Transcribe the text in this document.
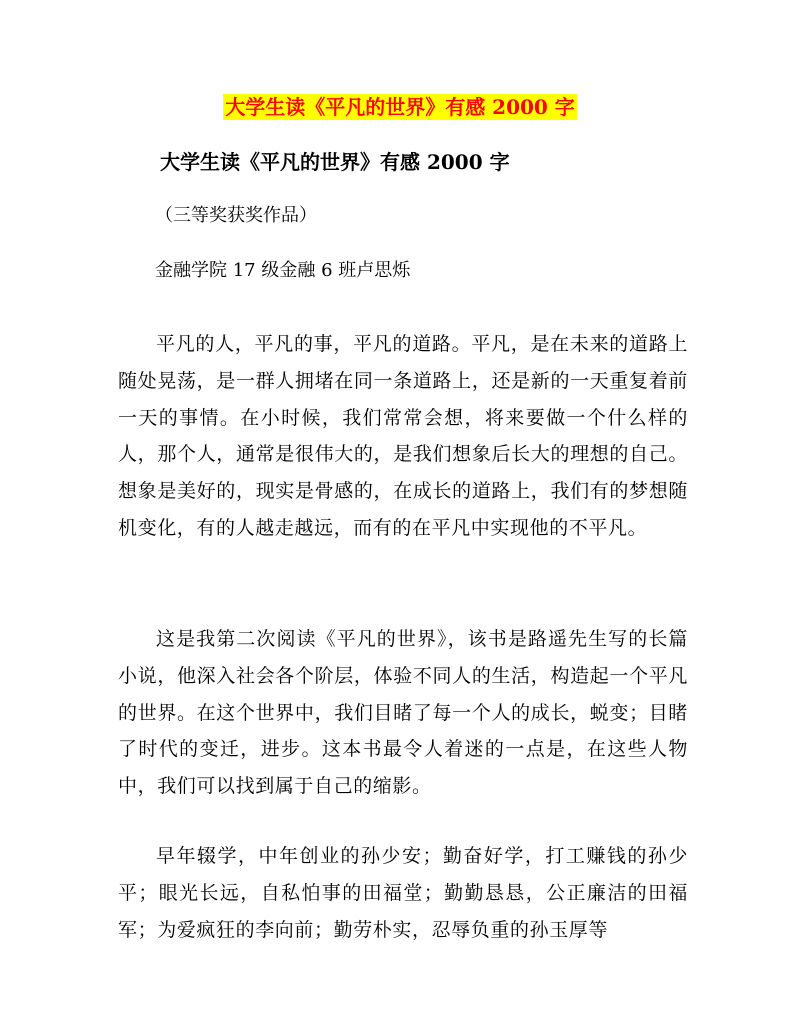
大学生读《平凡的世界》有感 2000 字
大学生读《平凡的世界》有感 2000 字
（三等奖获奖作品）
金融学院 17 级金融 6 班卢思烁

平凡的人，平凡的事，平凡的道路。平凡，是在未来的道路上随处晃荡，是一群人拥堵在同一条道路上，还是新的一天重复着前一天的事情。在小时候，我们常常会想，将来要做一个什么样的人，那个人，通常是很伟大的，是我们想象后长大的理想的自己。想象是美好的，现实是骨感的，在成长的道路上，我们有的梦想随机变化，有的人越走越远，而有的在平凡中实现他的不平凡。

这是我第二次阅读《平凡的世界》，该书是路遥先生写的长篇小说，他深入社会各个阶层，体验不同人的生活，构造起一个平凡的世界。在这个世界中，我们目睹了每一个人的成长，蜕变；目睹了时代的变迁，进步。这本书最令人着迷的一点是，在这些人物中，我们可以找到属于自己的缩影。

早年辍学，中年创业的孙少安；勤奋好学，打工赚钱的孙少平；眼光长远，自私怕事的田福堂；勤勤恳恳，公正廉洁的田福军；为爱疯狂的李向前；勤劳朴实，忍辱负重的孙玉厚等
